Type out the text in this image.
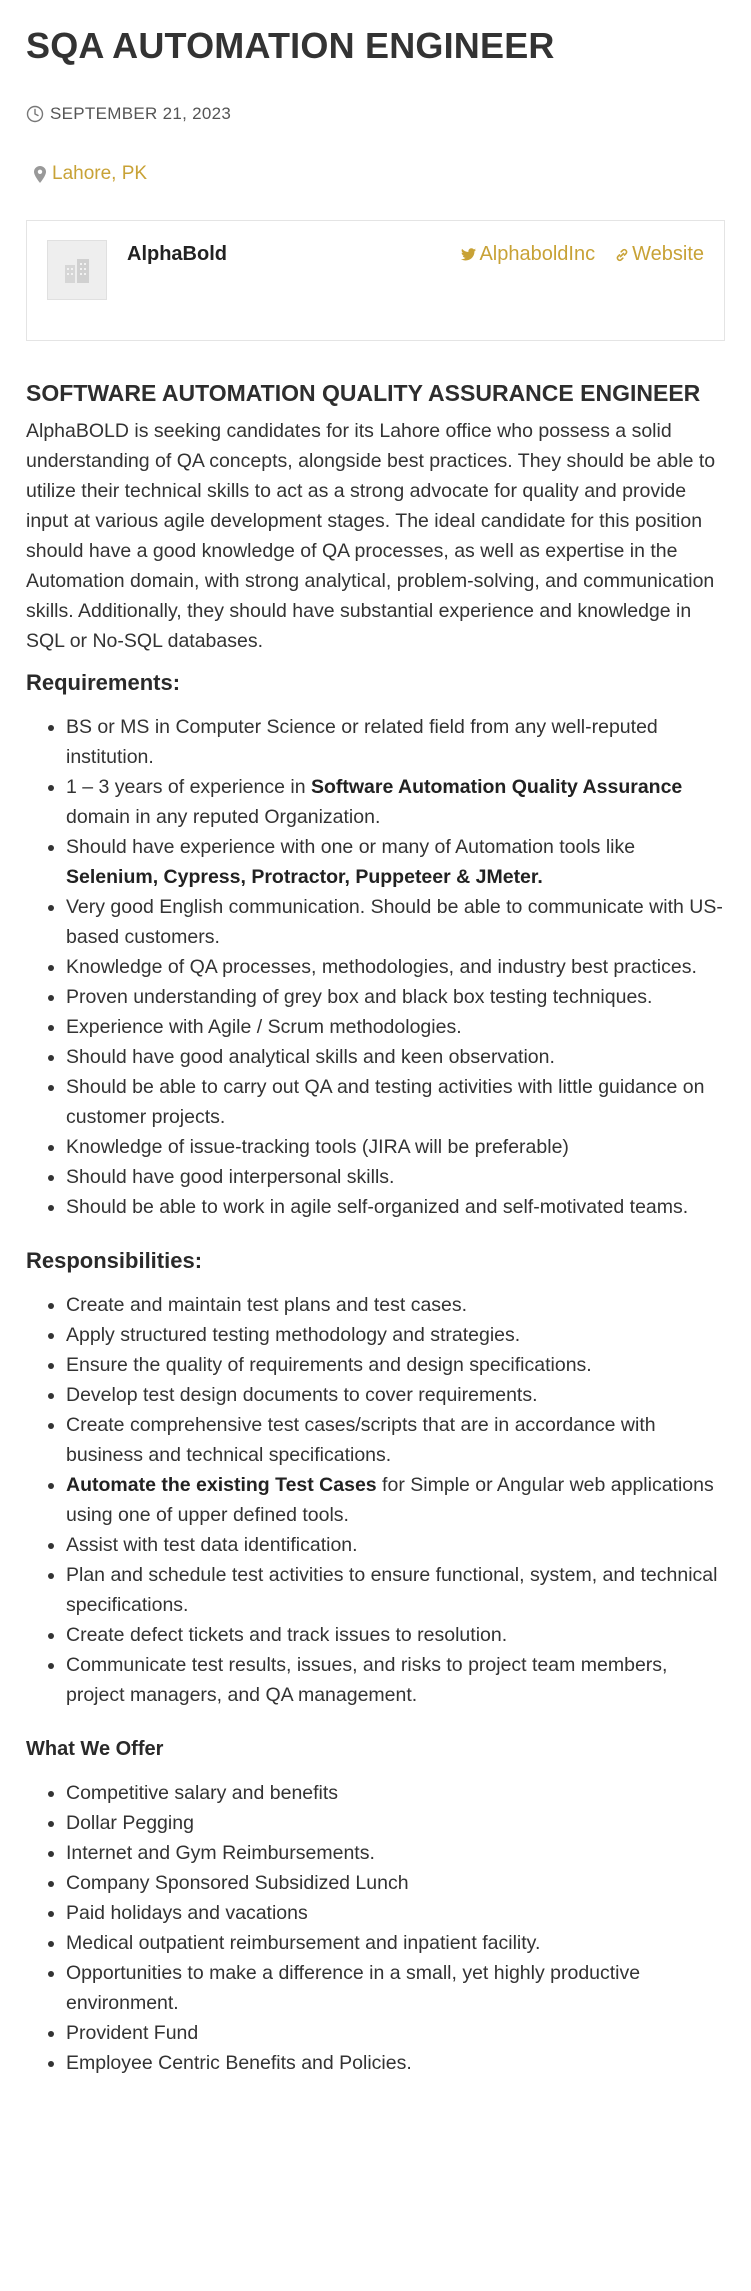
SQA AUTOMATION ENGINEER
SEPTEMBER 21, 2023
Lahore, PK
AlphaBold	AlphaboldInc Website
SOFTWARE AUTOMATION QUALITY ASSURANCE ENGINEER

AlphaBOLD is seeking candidates for its Lahore office who possess a solid understanding of QA concepts, alongside best practices. They should be able to utilize their technical skills to act as a strong advocate for quality and provide input at various agile development stages. The ideal candidate for this position should have a good knowledge of QA processes, as well as expertise in the Automation domain, with strong analytical, problem-solving, and communication skills. Additionally, they should have substantial experience and knowledge in SQL or No-SQL databases.

Requirements:
• BS or MS in Computer Science or related field from any well-reputed institution.
• 1 – 3 years of experience in Software Automation Quality Assurance domain in any reputed Organization.
• Should have experience with one or many of Automation tools like Selenium, Cypress, Protractor, Puppeteer & JMeter.
• Very good English communication. Should be able to communicate with US-based customers.
• Knowledge of QA processes, methodologies, and industry best practices.
• Proven understanding of grey box and black box testing techniques.
• Experience with Agile / Scrum methodologies.
• Should have good analytical skills and keen observation.
• Should be able to carry out QA and testing activities with little guidance on customer projects.
• Knowledge of issue-tracking tools (JIRA will be preferable)
• Should have good interpersonal skills.
• Should be able to work in agile self-organized and self-motivated teams.
Responsibilities:
• Create and maintain test plans and test cases.
• Apply structured testing methodology and strategies.
• Ensure the quality of requirements and design specifications.
• Develop test design documents to cover requirements.
• Create comprehensive test cases/scripts that are in accordance with business and technical specifications.
• Automate the existing Test Cases for Simple or Angular web applications using one of upper defined tools.
• Assist with test data identification.
• Plan and schedule test activities to ensure functional, system, and technical specifications.
• Create defect tickets and track issues to resolution.
• Communicate test results, issues, and risks to project team members, project managers, and QA management.
What We Offer
• Competitive salary and benefits
• Dollar Pegging
• Internet and Gym Reimbursements.
• Company Sponsored Subsidized Lunch
• Paid holidays and vacations
• Medical outpatient reimbursement and inpatient facility.
• Opportunities to make a difference in a small, yet highly productive environment.
• Provident Fund
• Employee Centric Benefits and Policies.
